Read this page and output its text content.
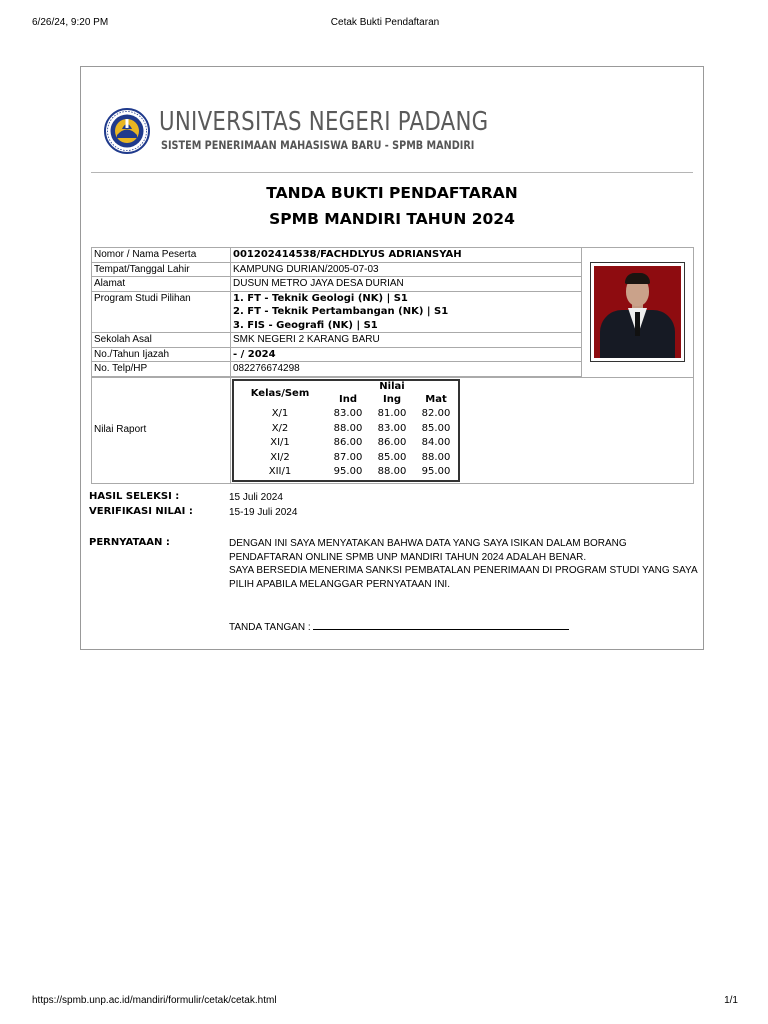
6/26/24, 9:20 PM	Cetak Bukti Pendaftaran
UNIVERSITAS NEGERI PADANG
SISTEM PENERIMAAN MAHASISWA BARU - SPMB MANDIRI
TANDA BUKTI PENDAFTARAN
SPMB MANDIRI TAHUN 2024
Nomor / Nama Peserta	001202414538/FACHDLYUS ADRIANSYAH	

Tempat/Tanggal Lahir	KAMPUNG DURIAN/2005-07-03
Alamat	DUSUN METRO JAYA DESA DURIAN
Program Studi Pilihan	1. FT - Teknik Geologi (NK) | S1
2. FT - Teknik Pertambangan (NK) | S1
3. FIS - Geografi (NK) | S1

Sekolah Asal	SMK NEGERI 2 KARANG BARU
No./Tahun Ijazah	- / 2024
No. Telp/HP	082276674298

Nilai Raport	
Kelas/Sem	Nilai
Ind	Ing	Mat
X/1	83.00	81.00	82.00
X/2	88.00	83.00	85.00
XI/1	86.00	86.00	84.00
XI/2	87.00	85.00	88.00
XII/1	95.00	88.00	95.00
HASIL SELEKSI :	15 Juli 2024
VERIFIKASI NILAI :	15-19 Juli 2024
PERNYATAAN :	DENGAN INI SAYA MENYATAKAN BAHWA DATA YANG SAYA ISIKAN DALAM BORANG
PENDAFTARAN ONLINE SPMB UNP MANDIRI TAHUN 2024 ADALAH BENAR.
SAYA BERSEDIA MENERIMA SANKSI PEMBATALAN PENERIMAAN DI PROGRAM STUDI YANG SAYA
PILIH APABILA MELANGGAR PERNYATAAN INI.
TANDA TANGAN :
https://spmb.unp.ac.id/mandiri/formulir/cetak/cetak.html	1/1
